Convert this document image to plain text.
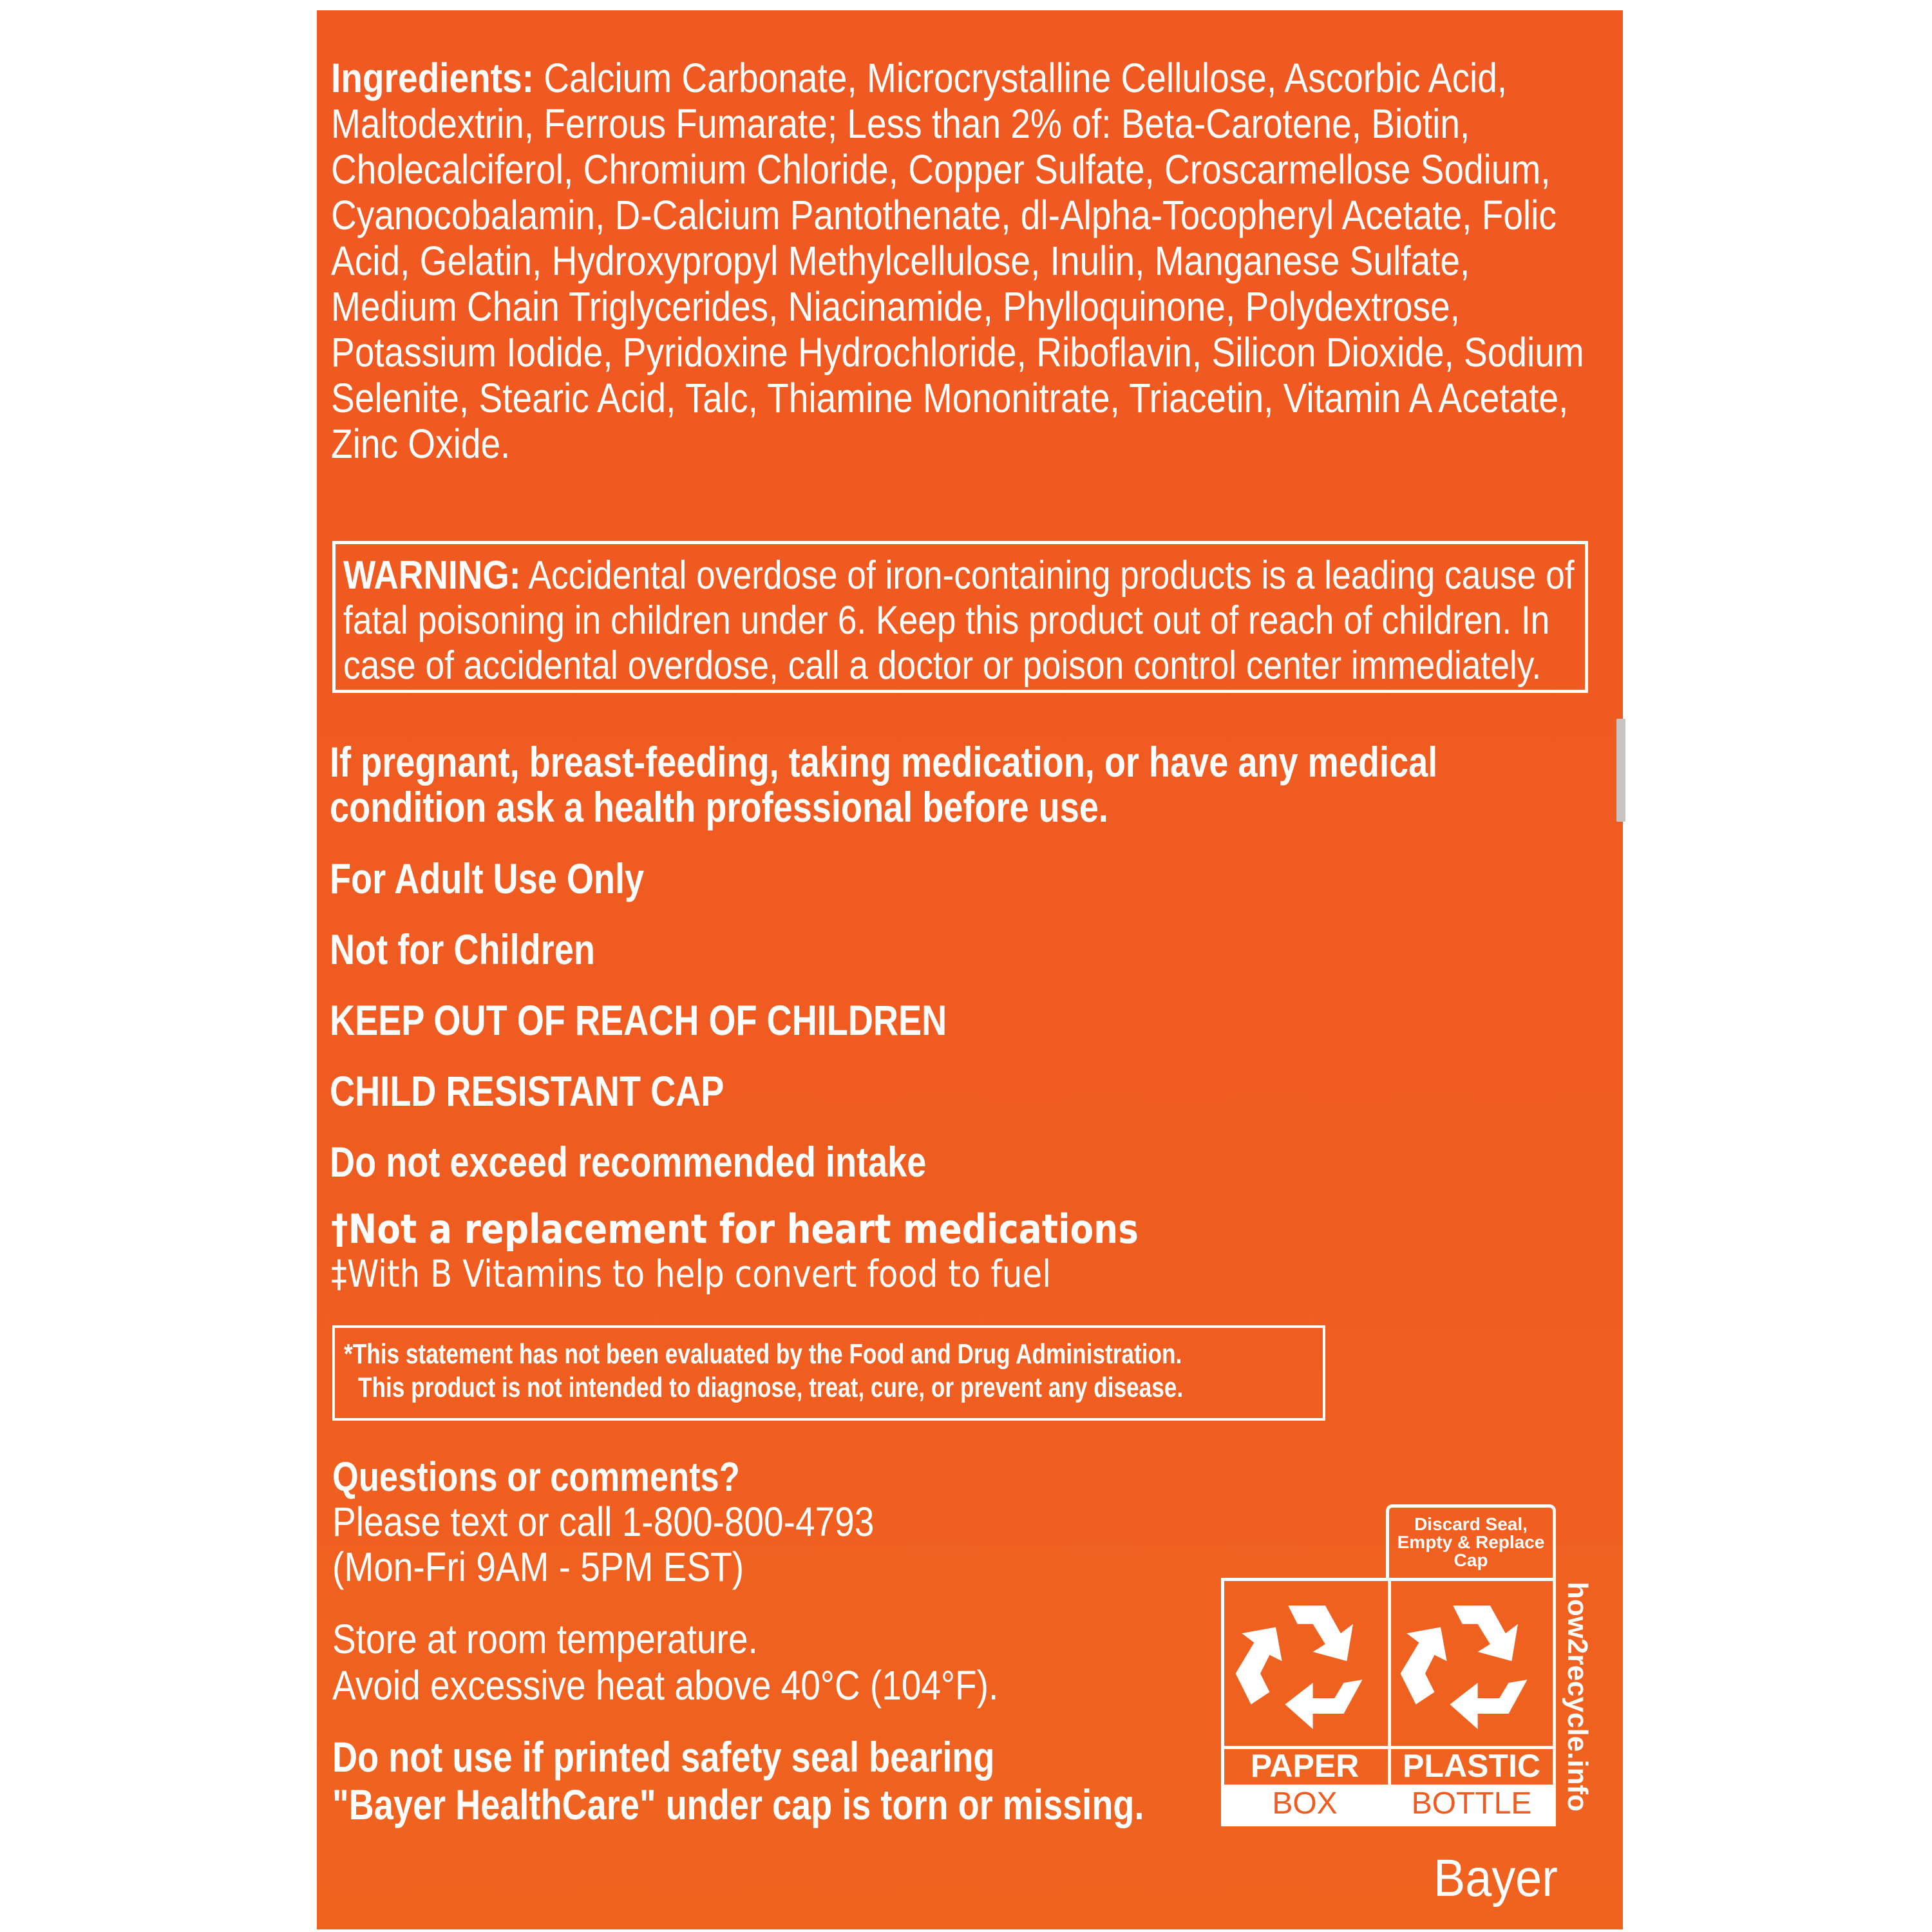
Ingredients: Calcium Carbonate, Microcrystalline Cellulose, Ascorbic Acid, Maltodextrin, Ferrous Fumarate; Less than 2% of: Beta-Carotene, Biotin, Cholecalciferol, Chromium Chloride, Copper Sulfate, Croscarmellose Sodium, Cyanocobalamin, D-Calcium Pantothenate, dl-Alpha-Tocopheryl Acetate, Folic Acid, Gelatin, Hydroxypropyl Methylcellulose, Inulin, Manganese Sulfate, Medium Chain Triglycerides, Niacinamide, Phylloquinone, Polydextrose, Potassium Iodide, Pyridoxine Hydrochloride, Riboflavin, Silicon Dioxide, Sodium Selenite, Stearic Acid, Talc, Thiamine Mononitrate, Triacetin, Vitamin A Acetate, Zinc Oxide.
WARNING: Accidental overdose of iron-containing products is a leading cause of fatal poisoning in children under 6. Keep this product out of reach of children. In case of accidental overdose, call a doctor or poison control center immediately.
If pregnant, breast-feeding, taking medication, or have any medical condition ask a health professional before use.
For Adult Use Only
Not for Children
KEEP OUT OF REACH OF CHILDREN
CHILD RESISTANT CAP
Do not exceed recommended intake
†Not a replacement for heart medications
‡With B Vitamins to help convert food to fuel
*This statement has not been evaluated by the Food and Drug Administration.
This product is not intended to diagnose, treat, cure, or prevent any disease.
Questions or comments?
Please text or call 1-800-800-4793
(Mon-Fri 9AM - 5PM EST)
Store at room temperature.
Avoid excessive heat above 40°C (104°F).
Do not use if printed safety seal bearing
"Bayer HealthCare" under cap is torn or missing.
Discard Seal, Empty & Replace Cap
PAPER	PLASTIC
BOX	BOTTLE	how2recycle.info
Bayer
